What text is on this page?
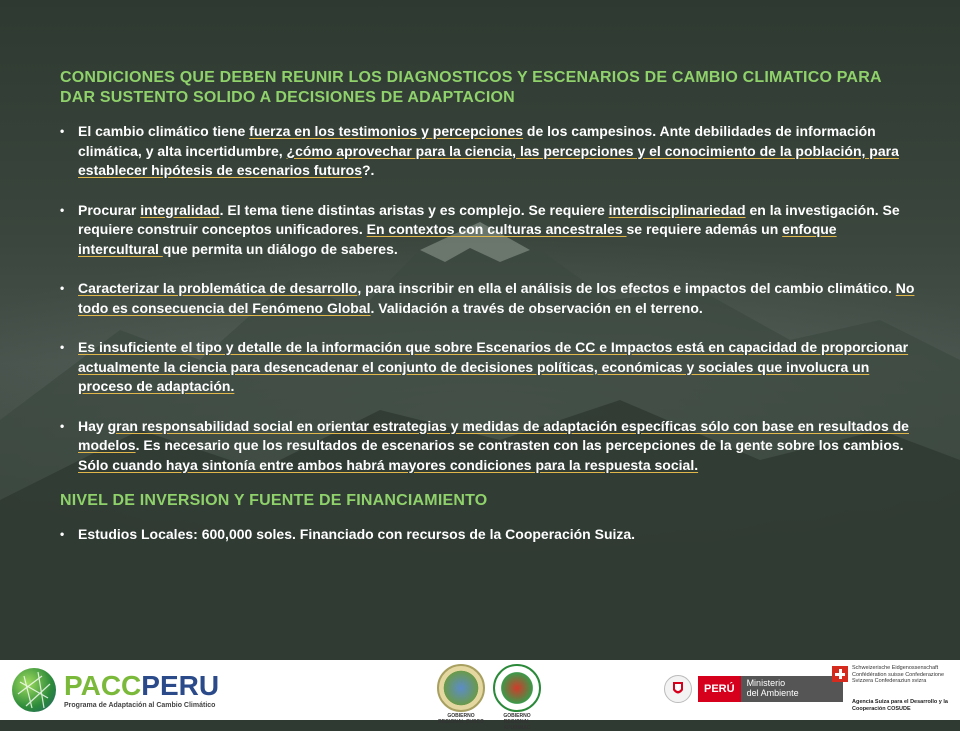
CONDICIONES QUE DEBEN REUNIR LOS DIAGNOSTICOS Y ESCENARIOS DE CAMBIO CLIMATICO PARA DAR SUSTENTO SOLIDO A DECISIONES DE ADAPTACION
• El cambio climático tiene fuerza en los testimonios y percepciones de los campesinos. Ante debilidades de información climática, y alta incertidumbre, ¿cómo aprovechar para la ciencia, las percepciones y el conocimiento de la población, para establecer hipótesis de escenarios futuros?.
• Procurar integralidad. El tema tiene distintas aristas y es complejo. Se requiere interdisciplinariedad en la investigación. Se requiere construir conceptos unificadores. En contextos con culturas ancestrales se requiere además un enfoque intercultural que permita un diálogo de saberes.
• Caracterizar la problemática de desarrollo, para inscribir en ella el análisis de los efectos e impactos del cambio climático. No todo es consecuencia del Fenómeno Global. Validación a través de observación en el terreno.
• Es insuficiente el tipo y detalle de la información que sobre Escenarios de CC e Impactos está en capacidad de proporcionar actualmente la ciencia para desencadenar el conjunto de decisiones políticas, económicas y sociales que involucra un proceso de adaptación.
• Hay gran responsabilidad social en orientar estrategias y medidas de adaptación específicas sólo con base en resultados de modelos. Es necesario que los resultados de escenarios se contrasten con las percepciones de la gente sobre los cambios. Sólo cuando haya sintonía entre ambos habrá mayores condiciones para la respuesta social.
NIVEL DE INVERSION Y FUENTE DE FINANCIAMIENTO
• Estudios Locales: 600,000 soles. Financiado con recursos de la Cooperación Suiza.
PACCPERU
Programa de Adaptación al Cambio Climático
GOBIERNO REGIONAL CUSCO
GOBIERNO REGIONAL APURIMAC
PERÚ	Ministerio
del Ambiente
Schweizerische Eidgenossenschaft Confédération suisse Confederazione Svizzera Confederaziun svizra
Agencia Suiza para el Desarrollo y la Cooperación COSUDE
